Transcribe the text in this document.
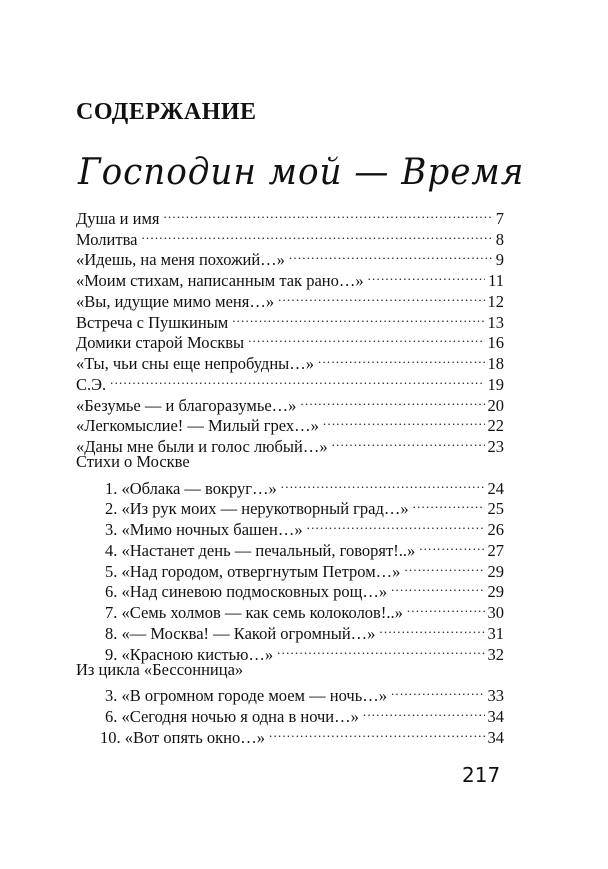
СОДЕРЖАНИЕ
Господин мой — Время
Душа и имя .....	7
Молитва .....	8
«Идешь, на меня похожий…» .....	9
«Моим стихам, написанным так рано…» .....	11
«Вы, идущие мимо меня…» .....	12
Встреча с Пушкиным .....	13
Домики старой Москвы .....	16
«Ты, чьи сны еще непробудны…» .....	18
С.Э. .....	19
«Безумье — и благоразумье…» .....	20
«Легкомыслие! — Милый грех…» .....	22
«Даны мне были и голос любый…» .....	23
Стихи о Москве
1. «Облака — вокруг…» .....	24
2. «Из рук моих — нерукотворный град…» .....	25
3. «Мимо ночных башен…» .....	26
4. «Настанет день — печальный, говорят!..» .....	27
5. «Над городом, отвергнутым Петром…» .....	29
6. «Над синевою подмосковных рощ…» .....	29
7. «Семь холмов — как семь колоколов!..» .....	30
8. «— Москва! — Какой огромный…» .....	31
9. «Красною кистью…» .....	32
Из цикла «Бессонница»
3. «В огромном городе моем — ночь…» .....	33
6. «Сегодня ночью я одна в ночи…» .....	34
10. «Вот опять окно…» .....	34
217
